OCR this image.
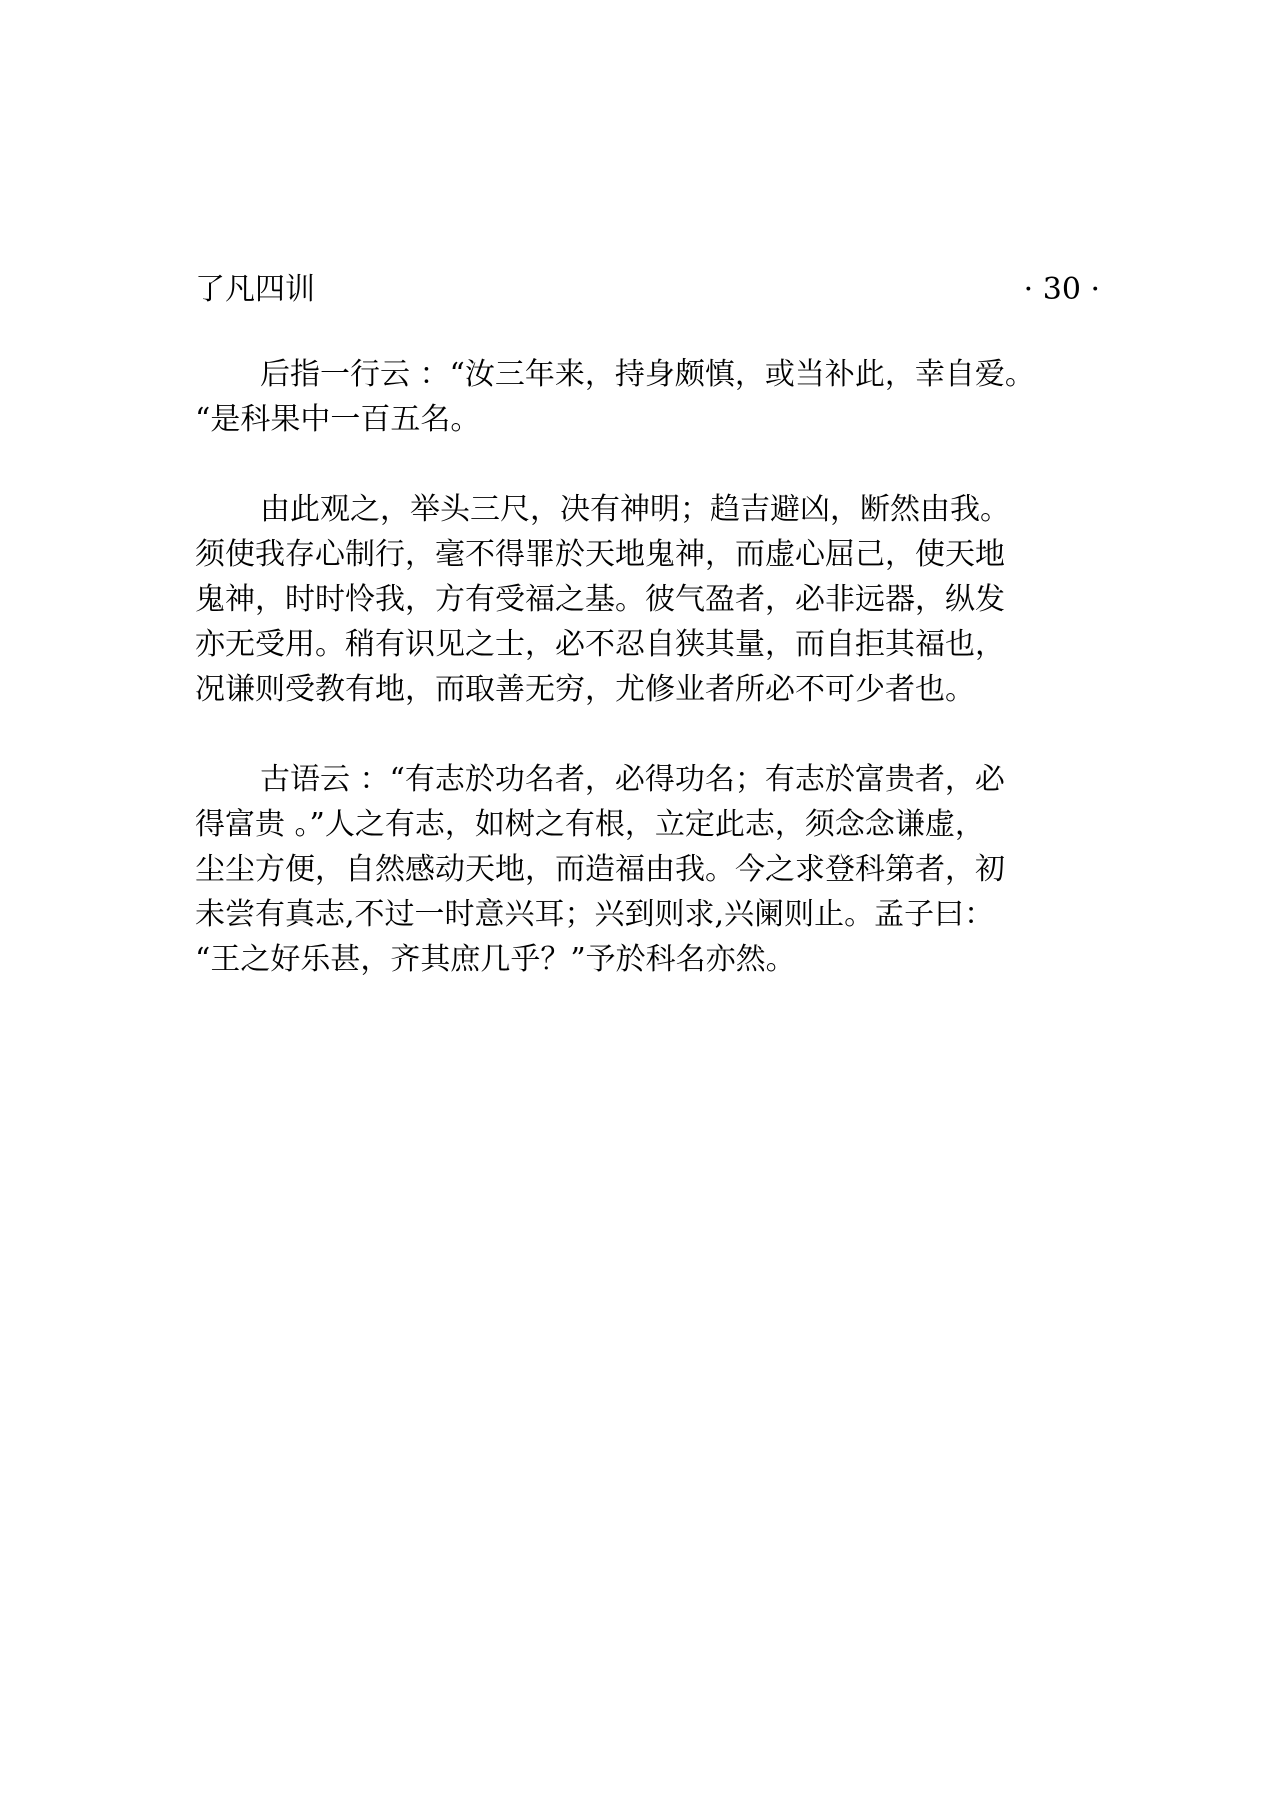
了凡四训	· 30 ·

后指一行云 ：“汝三年来，持身颇慎，或当补此，幸自爱。
“是科果中一百五名。

由此观之，举头三尺，决有神明；趋吉避凶，断然由我。
须使我存心制行，毫不得罪於天地鬼神，而虚心屈己，使天地
鬼神，时时怜我，方有受福之基。彼气盈者，必非远器，纵发
亦无受用。稍有识见之士，必不忍自狭其量，而自拒其福也，
况谦则受教有地，而取善无穷，尤修业者所必不可少者也。

古语云 ：“有志於功名者，必得功名；有志於富贵者，必
得富贵 。”人之有志，如树之有根，立定此志，须念念谦虚，
尘尘方便，自然感动天地，而造福由我。今之求登科第者，初
未尝有真志,不过一时意兴耳；兴到则求,兴阑则止。孟子曰：
“王之好乐甚，齐其庶几乎？”予於科名亦然。
